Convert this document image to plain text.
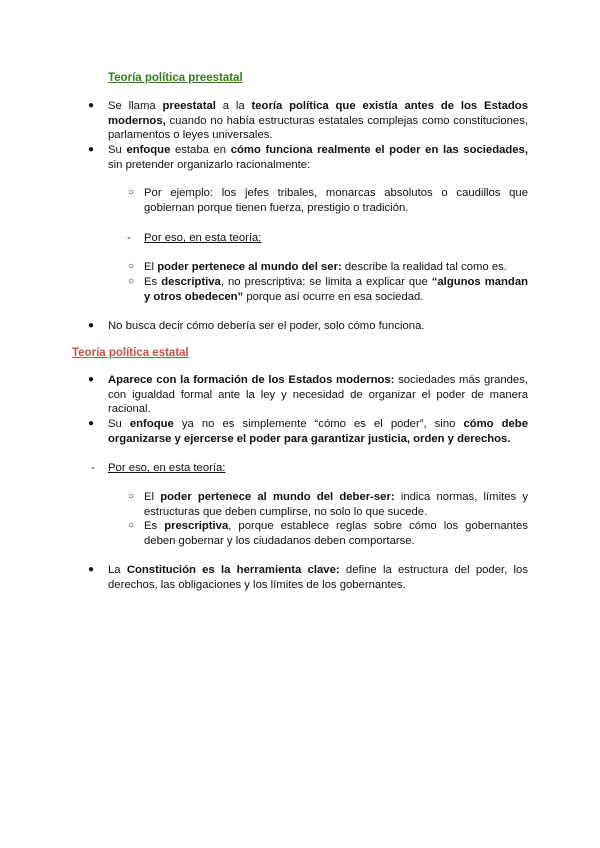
Teoría política preestatal
● Se llama preestatal a la teoría política que existía antes de los Estados modernos, cuando no había estructuras estatales complejas como constituciones, parlamentos o leyes universales.
● Su enfoque estaba en cómo funciona realmente el poder en las sociedades, sin pretender organizarlo racionalmente:
○ Por ejemplo: los jefes tribales, monarcas absolutos o caudillos que gobiernan porque tienen fuerza, prestigio o tradición.
- Por eso, en esta teoría:
○ El poder pertenece al mundo del ser: describe la realidad tal como es.
○ Es descriptiva, no prescriptiva: se limita a explicar que “algunos mandan y otros obedecen” porque así ocurre en esa sociedad.
● No busca decir cómo debería ser el poder, solo cómo funciona.
Teoría política estatal
● Aparece con la formación de los Estados modernos: sociedades más grandes, con igualdad formal ante la ley y necesidad de organizar el poder de manera racional.
● Su enfoque ya no es simplemente “cómo es el poder”, sino cómo debe organizarse y ejercerse el poder para garantizar justicia, orden y derechos.
- Por eso, en esta teoría:
○ El poder pertenece al mundo del deber-ser: indica normas, límites y estructuras que deben cumplirse, no solo lo que sucede.
○ Es prescriptiva, porque establece reglas sobre cómo los gobernantes deben gobernar y los ciudadanos deben comportarse.
● La Constitución es la herramienta clave: define la estructura del poder, los derechos, las obligaciones y los límites de los gobernantes.
